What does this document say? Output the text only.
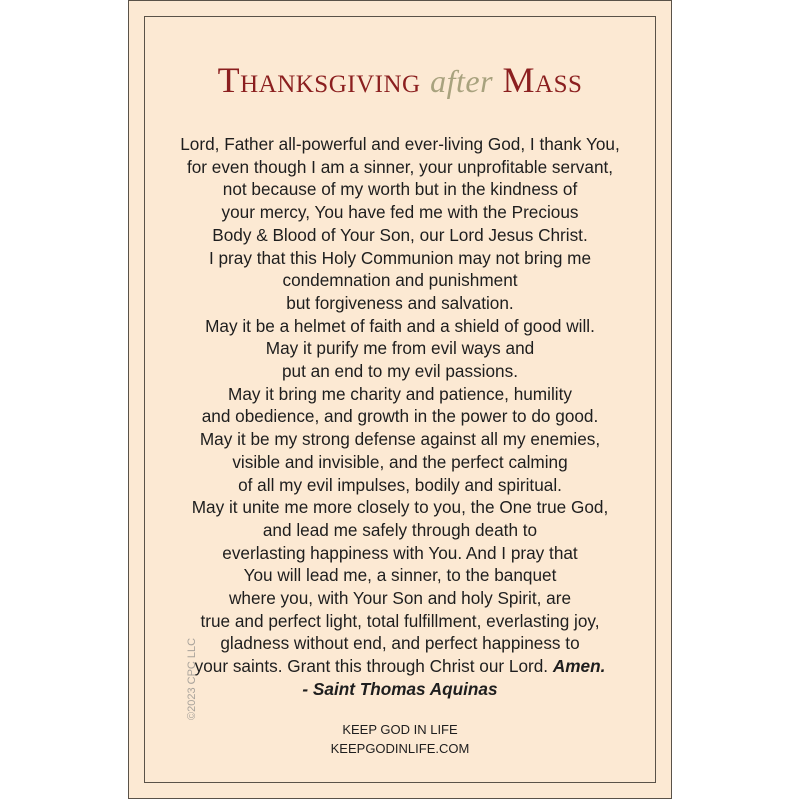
Thanksgiving after Mass
Lord, Father all-powerful and ever-living God, I thank You,
for even though I am a sinner, your unprofitable servant,
not because of my worth but in the kindness of
your mercy, You have fed me with the Precious
Body & Blood of Your Son, our Lord Jesus Christ.
I pray that this Holy Communion may not bring me
condemnation and punishment
but forgiveness and salvation.
May it be a helmet of faith and a shield of good will.
May it purify me from evil ways and
put an end to my evil passions.
May it bring me charity and patience, humility
and obedience, and growth in the power to do good.
May it be my strong defense against all my enemies,
visible and invisible, and the perfect calming
of all my evil impulses, bodily and spiritual.
May it unite me more closely to you, the One true God,
and lead me safely through death to
everlasting happiness with You. And I pray that
You will lead me, a sinner, to the banquet
where you, with Your Son and holy Spirit, are
true and perfect light, total fulfillment, everlasting joy,
gladness without end, and perfect happiness to
your saints. Grant this through Christ our Lord. Amen.
- Saint Thomas Aquinas
KEEP GOD IN LIFE
KEEPGODINLIFE.COM
©2023 CPC LLC
